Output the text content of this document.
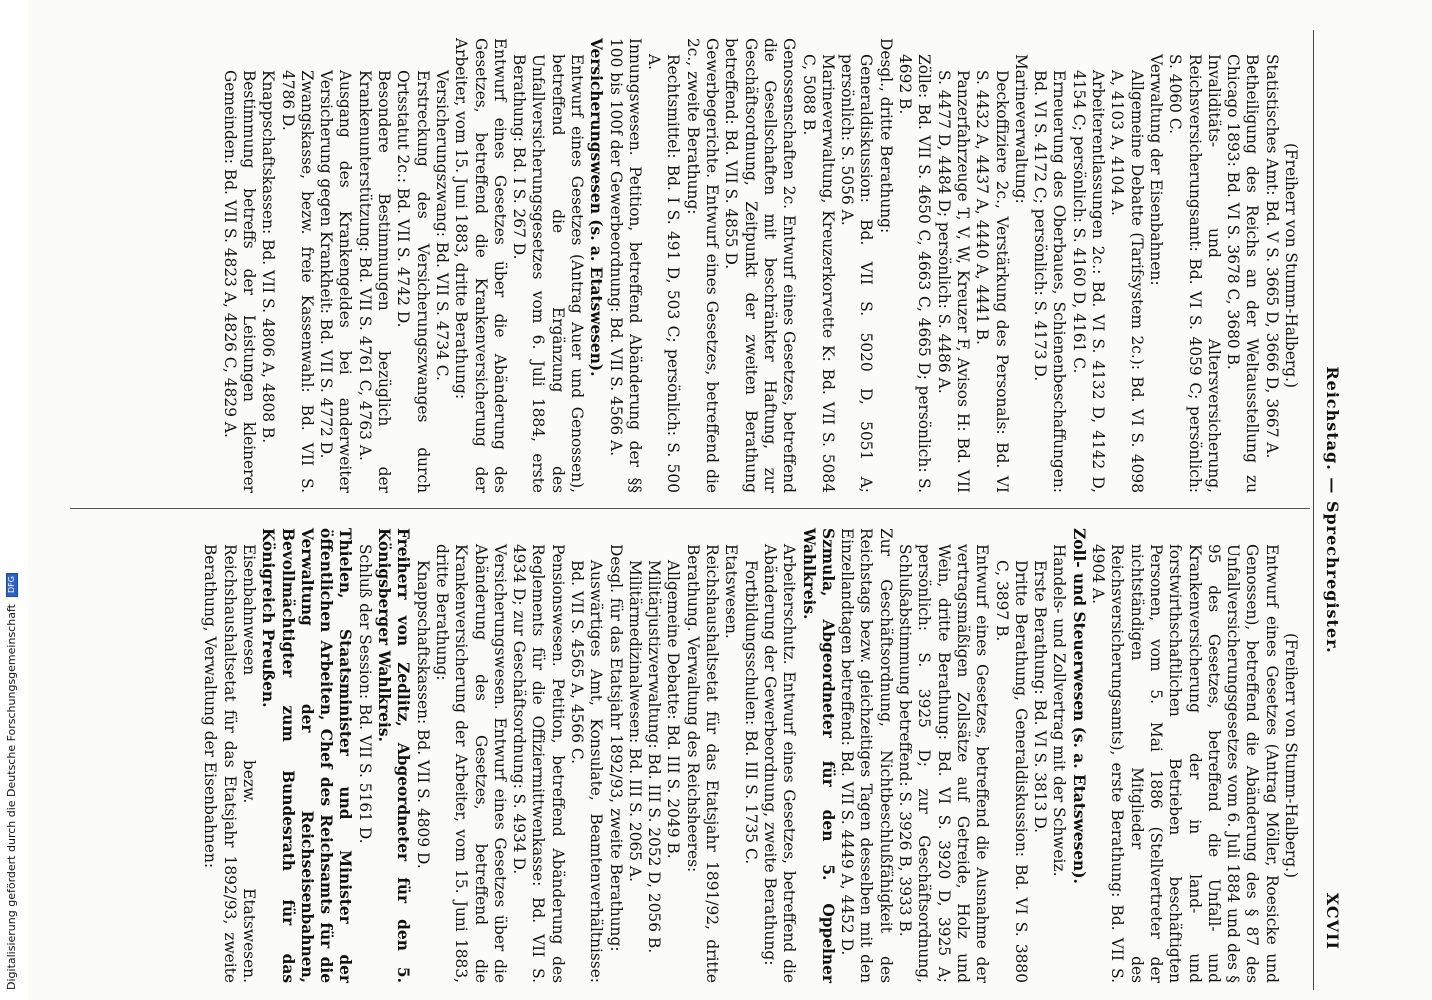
Digitalisierung gefördert durch die Deutsche Forschungsgemeinschaft DFG	Reichstag. — Sprechregister.
XCVII

(Freiherr von Stumm-Halberg.)

Statistisches Amt: Bd. V S. 3665 D, 3666 D, 3667 A.

Betheiligung des Reichs an der Weltausstellung zu Chicago 1893: Bd. VI S. 3678 C, 3680 B.

Invaliditäts- und Altersversicherung, Reichsversicherungsamt: Bd. VI S. 4059 C; persönlich: S. 4060 C.

Verwaltung der Eisenbahnen:

Allgemeine Debatte (Tarifsystem 2c.): Bd. VI S. 4098 A, 4103 A, 4104 A.

Arbeiterentlassungen 2c.: Bd. VI S. 4132 D, 4142 D, 4154 C; persönlich: S. 4160 D, 4161 C.

Erneuerung des Oberbaues, Schienenbeschaffungen: Bd. VI S. 4172 C; persönlich: S. 4173 D.

Marineverwaltung:

Deckoffiziere 2c., Verstärkung des Personals: Bd. VI S. 4432 A, 4437 A, 4440 A, 4441 B.

Panzerfahrzeuge T, V, W, Kreuzer F, Avisos H: Bd. VII S. 4477 D, 4484 D; persönlich: S. 4486 A.

Zölle: Bd. VII S. 4650 C, 4663 C, 4665 D; persönlich: S. 4692 B.

Desgl., dritte Berathung:

Generaldiskussion: Bd. VII S. 5020 D, 5051 A; persönlich: S. 5056 A.

Marineverwaltung, Kreuzerkorvette K: Bd. VII S. 5084 C, 5088 B.

Genossenschaften 2c. Entwurf eines Gesetzes, betreffend die Gesellschaften mit beschränkter Haftung, zur Geschäftsordnung, Zeitpunkt der zweiten Berathung betreffend: Bd. VII S. 4855 D.

Gewerbegerichte. Entwurf eines Gesetzes, betreffend die 2c., zweite Berathung:

Rechtsmittel: Bd. I S. 491 D, 503 C; persönlich: S. 500 A.

Innungswesen. Petition, betreffend Abänderung der §§ 100 bis 100f der Gewerbeordnung: Bd. VII S. 4566 A.

Versicherungswesen (s. a. Etatswesen).

Entwurf eines Gesetzes (Antrag Auer und Genossen), betreffend die Ergänzung des Unfallversicherungsgesetzes vom 6. Juli 1884, erste Berathung: Bd. I S. 267 D.

Entwurf eines Gesetzes über die Abänderung des Gesetzes, betreffend die Krankenversicherung der Arbeiter, vom 15. Juni 1883, dritte Berathung:

Versicherungszwang: Bd. VII S. 4734 C.

Erstreckung des Versicherungszwanges durch Ortsstatut 2c.: Bd. VII S. 4742 D.

Besondere Bestimmungen bezüglich der Krankenunterstützung: Bd. VII S. 4761 C, 4763 A.

Ausgang des Krankengeldes bei anderweiter Versicherung gegen Krankheit: Bd. VII S. 4772 D.

Zwangskasse, bezw. freie Kassenwahl: Bd. VII S. 4786 D.

Knappschaftskassen: Bd. VII S. 4806 A, 4808 B.

Bestimmung betreffs der Leistungen kleinerer Gemeinden: Bd. VII S. 4823 A, 4826 C, 4829 A.

(Freiherr von Stumm-Halberg.)

Entwurf eines Gesetzes (Antrag Möller, Roesicke und Genossen), betreffend die Abänderung des § 87 des Unfallversicherungsgesetzes vom 6. Juli 1884 und des § 95 des Gesetzes, betreffend die Unfall- und Krankenversicherung der in land- und forstwirthschaftlichen Betrieben beschäftigten Personen, vom 5. Mai 1886 (Stellvertreter der nichtständigen Mitglieder des Reichsversicherungsamts), erste Berathung: Bd. VII S. 4904 A.

Zoll- und Steuerwesen (s. a. Etatswesen).

Handels- und Zollvertrag mit der Schweiz.

Erste Berathung: Bd. VI S. 3813 D.

Dritte Berathung, Generaldiskussion: Bd. VI S. 3880 C, 3897 B.

Entwurf eines Gesetzes, betreffend die Ausnahme der vertragsmäßigen Zollsätze auf Getreide, Holz und Wein, dritte Berathung: Bd. VI S. 3920 D, 3925 A; persönlich: S. 3925 D; zur Geschäftsordnung, Schlußabstimmung betreffend: S. 3926 B, 3933 B.

Zur Geschäftsordnung, Nichtbeschlußfähigkeit des Reichstags bezw. gleichzeitiges Tagen desselben mit den Einzellandtagen betreffend: Bd. VII S. 4449 A, 4452 D.

Szmula, Abgeordneter für den 5. Oppelner Wahlkreis.

Arbeiterschutz. Entwurf eines Gesetzes, betreffend die Abänderung der Gewerbeordnung, zweite Berathung:

Fortbildungsschulen: Bd. III S. 1735 C.

Etatswesen.

Reichshaushaltsetat für das Etatsjahr 1891/92, dritte Berathung. Verwaltung des Reichsheeres:

Allgemeine Debatte: Bd. III S. 2049 B.

Militärjustizverwaltung: Bd. III S. 2052 D, 2056 B.

Militärmedizinalwesen: Bd. III S. 2065 A.

Desgl. für das Etatsjahr 1892/93, zweite Berathung:

Auswärtiges Amt, Konsulate, Beamtenverhältnisse: Bd. VII S. 4565 A, 4566 C.

Pensionswesen. Petition, betreffend Abänderung des Reglements für die Offiziermittwenkasse: Bd. VII S. 4934 D; zur Geschäftsordnung: S. 4934 D.

Versicherungswesen. Entwurf eines Gesetzes über die Abänderung des Gesetzes, betreffend die Krankenversicherung der Arbeiter, vom 15. Juni 1883, dritte Berathung:

Knappschaftskassen: Bd. VII S. 4809 D.

Freiherr von Zedlitz, Abgeordneter für den 5. Königsberger Wahlkreis.

Schluß der Session: Bd. VII S. 5161 D.

Thielen, Staatsminister und Minister der öffentlichen Arbeiten, Chef des Reichsamts für die Verwaltung der Reichseisenbahnen, Bevollmächtigter zum Bundesrath für das Königreich Preußen.

Eisenbahnwesen bezw. Etatswesen. Reichshaushaltsetat für das Etatsjahr 1892/93, zweite Berathung, Verwaltung der Eisenbahnen:
